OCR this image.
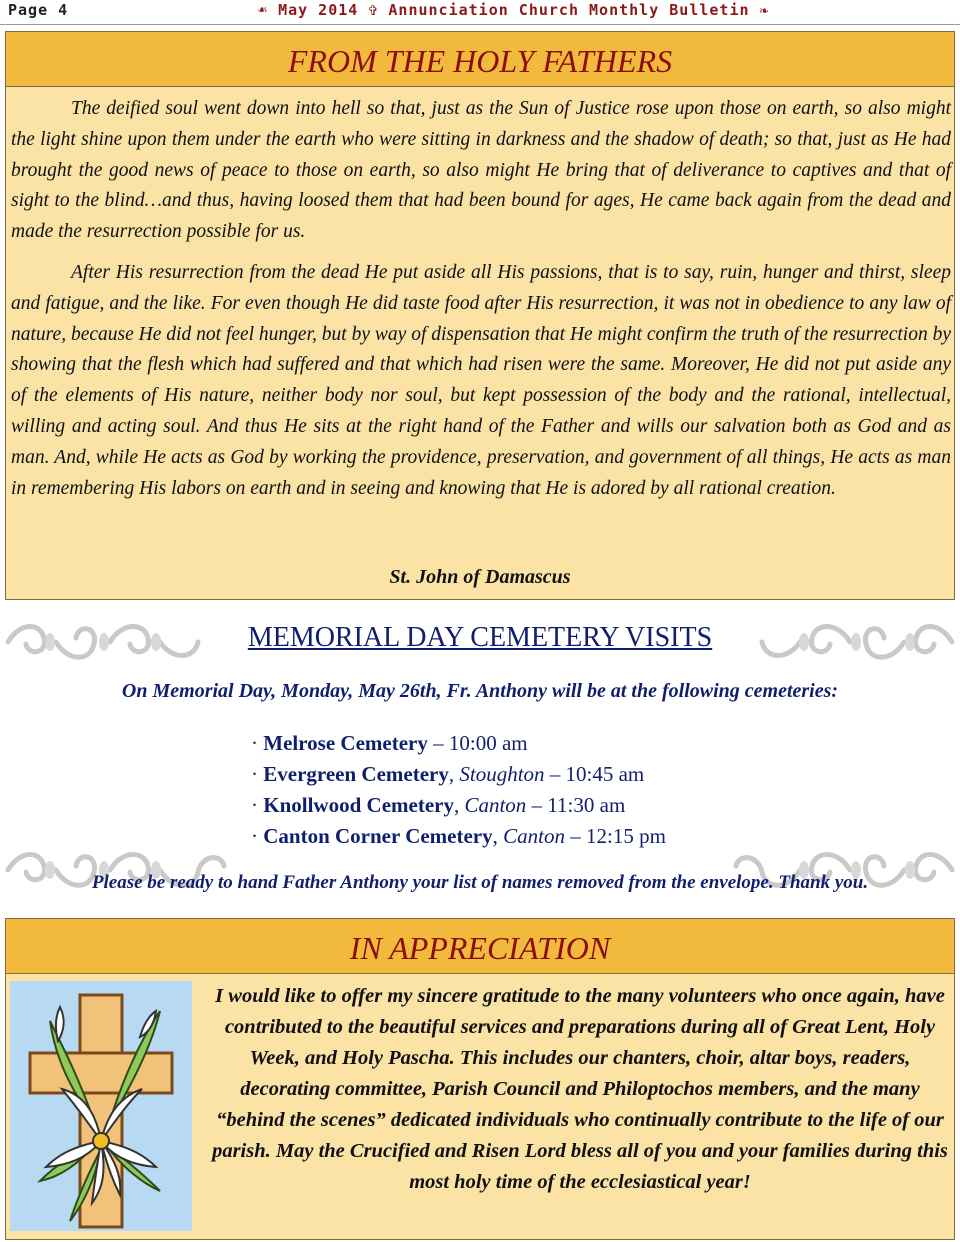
Page 4	☙ May 2014 ✞ Annunciation Church Monthly Bulletin ❧
FROM THE HOLY FATHERS

The deified soul went down into hell so that, just as the Sun of Justice rose upon those on earth, so also might the light shine upon them under the earth who were sitting in darkness and the shadow of death; so that, just as He had brought the good news of peace to those on earth, so also might He bring that of deliverance to captives and that of sight to the blind…and thus, having loosed them that had been bound for ages, He came back again from the dead and made the resurrection possible for us.

After His resurrection from the dead He put aside all His passions, that is to say, ruin, hunger and thirst, sleep and fatigue, and the like. For even though He did taste food after His resurrection, it was not in obedience to any law of nature, because He did not feel hunger, but by way of dispensation that He might confirm the truth of the resurrection by showing that the flesh which had suffered and that which had risen were the same. Moreover, He did not put aside any of the elements of His nature, neither body nor soul, but kept possession of the body and the rational, intellectual, willing and acting soul. And thus He sits at the right hand of the Father and wills our salvation both as God and as man. And, while He acts as God by working the providence, preservation, and government of all things, He acts as man in remembering His labors on earth and in seeing and knowing that He is adored by all rational creation.

St. John of Damascus
MEMORIAL DAY CEMETERY VISITS
On Memorial Day, Monday, May 26th, Fr. Anthony will be at the following cemeteries:
· Melrose Cemetery – 10:00 am
· Evergreen Cemetery, Stoughton – 10:45 am
· Knollwood Cemetery, Canton – 11:30 am
· Canton Corner Cemetery, Canton – 12:15 pm
Please be ready to hand Father Anthony your list of names removed from the envelope. Thank you.
IN APPRECIATION
I would like to offer my sincere gratitude to the many volunteers who once again, have contributed to the beautiful services and preparations during all of Great Lent, Holy Week, and Holy Pascha. This includes our chanters, choir, altar boys, readers, decorating committee, Parish Council and Philoptochos members, and the many “behind the scenes” dedicated individuals who continually contribute to the life of our parish. May the Crucified and Risen Lord bless all of you and your families during this most holy time of the ecclesiastical year!
